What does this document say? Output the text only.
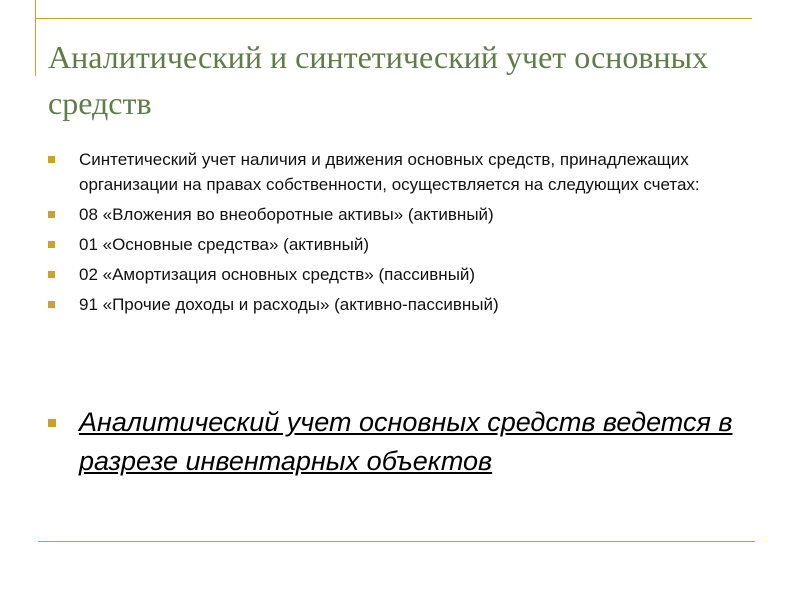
Аналитический и синтетический учет основных средств
Синтетический учет наличия и движения основных средств, принадлежащих организации на правах собственности, осуществляется на следующих счетах:
08 «Вложения во внеоборотные активы» (активный)
01 «Основные средства» (активный)
02 «Амортизация основных средств» (пассивный)
91 «Прочие доходы и расходы» (активно-пассивный)
Аналитический учет основных средств ведется в разрезе инвентарных объектов
